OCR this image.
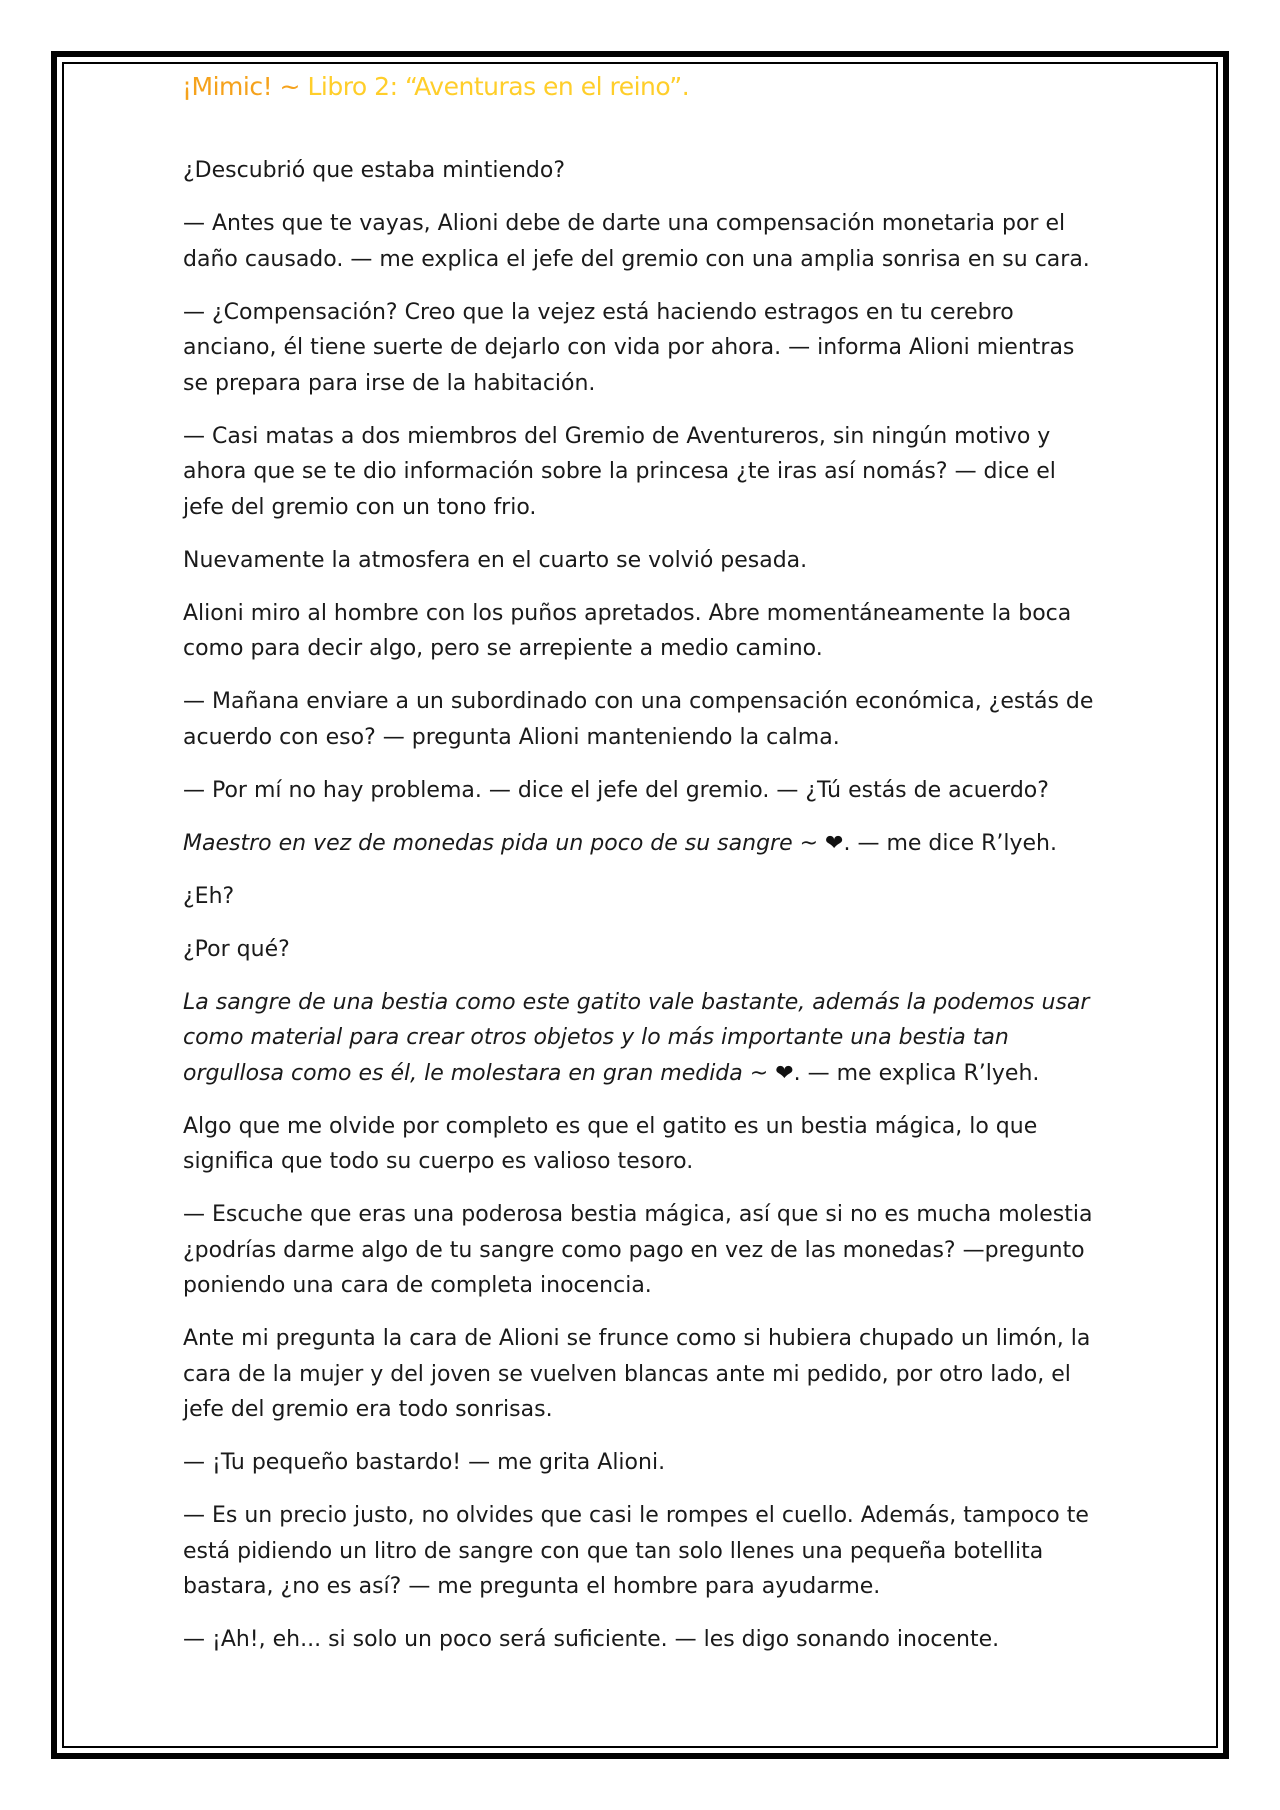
¡Mimic! ~ Libro 2: “Aventuras en el reino”.

¿Descubrió que estaba mintiendo?

— Antes que te vayas, Alioni debe de darte una compensación monetaria por el daño causado. — me explica el jefe del gremio con una amplia sonrisa en su cara.

— ¿Compensación? Creo que la vejez está haciendo estragos en tu cerebro anciano, él tiene suerte de dejarlo con vida por ahora. — informa Alioni mientras se prepara para irse de la habitación.

— Casi matas a dos miembros del Gremio de Aventureros, sin ningún motivo y ahora que se te dio información sobre la princesa ¿te iras así nomás? — dice el jefe del gremio con un tono frio.

Nuevamente la atmosfera en el cuarto se volvió pesada.

Alioni miro al hombre con los puños apretados. Abre momentáneamente la boca como para decir algo, pero se arrepiente a medio camino.

— Mañana enviare a un subordinado con una compensación económica, ¿estás de acuerdo con eso? — pregunta Alioni manteniendo la calma.

— Por mí no hay problema. — dice el jefe del gremio. — ¿Tú estás de acuerdo?

Maestro en vez de monedas pida un poco de su sangre ~ ❤. — me dice R’lyeh.

¿Eh?

¿Por qué?

La sangre de una bestia como este gatito vale bastante, además la podemos usar como material para crear otros objetos y lo más importante una bestia tan orgullosa como es él, le molestara en gran medida ~ ❤. — me explica R’lyeh.

Algo que me olvide por completo es que el gatito es un bestia mágica, lo que significa que todo su cuerpo es valioso tesoro.

— Escuche que eras una poderosa bestia mágica, así que si no es mucha molestia ¿podrías darme algo de tu sangre como pago en vez de las monedas? —pregunto poniendo una cara de completa inocencia.

Ante mi pregunta la cara de Alioni se frunce como si hubiera chupado un limón, la cara de la mujer y del joven se vuelven blancas ante mi pedido, por otro lado, el jefe del gremio era todo sonrisas.

— ¡Tu pequeño bastardo! — me grita Alioni.

— Es un precio justo, no olvides que casi le rompes el cuello. Además, tampoco te está pidiendo un litro de sangre con que tan solo llenes una pequeña botellita bastara, ¿no es así? — me pregunta el hombre para ayudarme.

— ¡Ah!, eh... si solo un poco será suficiente. — les digo sonando inocente.
